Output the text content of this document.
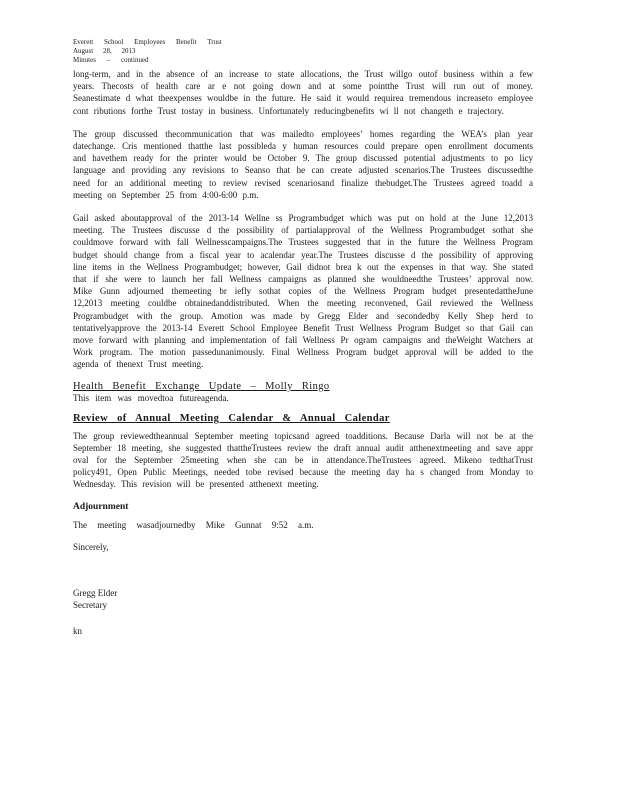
Everett School Employees Benefit Trust
August 28, 2013
Minutes – continued

long-term, and in the absence of an increase to state allocations, the Trust willgo outof business within a few years. Thecosts of health care ar e not going down and at some pointthe Trust will run out of money. Seanestimate d what theexpenses wouldbe in the future. He said it would requirea tremendous increaseto employee cont ributions forthe Trust tostay in business. Unfortunately reducingbenefits wi ll not changeth e trajectory.

The group discussed thecommunication that was mailedto employees’ homes regarding the WEA’s plan year datechange. Cris mentioned thatthe last possibleda y human resources could prepare open enrollment documents and havethem ready for the printer would be October 9. The group discussed potential adjustments to po licy language and providing any revisions to Seanso that he can create adjusted scenarios.The Trustees discussedthe need for an additional meeting to review revised scenariosand finalize thebudget.The Trustees agreed toadd a meeting on September 25 from 4:00-6:00 p.m.

Gail asked aboutapproval of the 2013-14 Wellne ss Programbudget which was put on hold at the June 12,2013 meeting. The Trustees discusse d the possibility of partialapproval of the Wellness Programbudget sothat she couldmove forward with fall Wellnesscampaigns.The Trustees suggested that in the future the Wellness Program budget should change from a fiscal year to acalendar year.The Trustees discusse d the possibility of approving line items in the Wellness Programbudget; however, Gail didnot brea k out the expenses in that way. She stated that if she were to launch her fall Wellness campaigns as planned she wouldneedthe Trustees’ approval now. Mike Gunn adjourned themeeting br iefly sothat copies of the Wellness Program budget presentedattheJune 12,2013 meeting couldbe obtainedanddistributed. When the meeting reconvened, Gail reviewed the Wellness Programbudget with the group. Amotion was made by Gregg Elder and secondedby Kelly Shep herd to tentativelyapprove the 2013-14 Everett School Employee Benefit Trust Wellness Program Budget so that Gail can move forward with planning and implementation of fall Wellness Pr ogram campaigns and theWeight Watchers at Work program. The motion passedunanimously. Final Wellness Program budget approval will be added to the agenda of thenext Trust meeting.

Health Benefit Exchange Update – Molly Ringo

This item was movedtoa futureagenda.

Review of Annual Meeting Calendar & Annual Calendar

The group reviewedtheannual September meeting topicsand agreed toadditions. Because Darla will not be at the September 18 meeting, she suggested thattheTrustees review the draft annual audit atthenextmeeting and save appr oval for the September 25meeting when she can be in attendance.TheTrustees agreed. Mikeno tedthatTrust policy491, Open Public Meetings, needed tobe revised because the meeting day ha s changed from Monday to Wednesday. This revision will be presented atthenext meeting.

Adjournment

The meeting wasadjournedby Mike Gunnat 9:52 a.m.

Sincerely,
Gregg Elder
Secretary
kn
